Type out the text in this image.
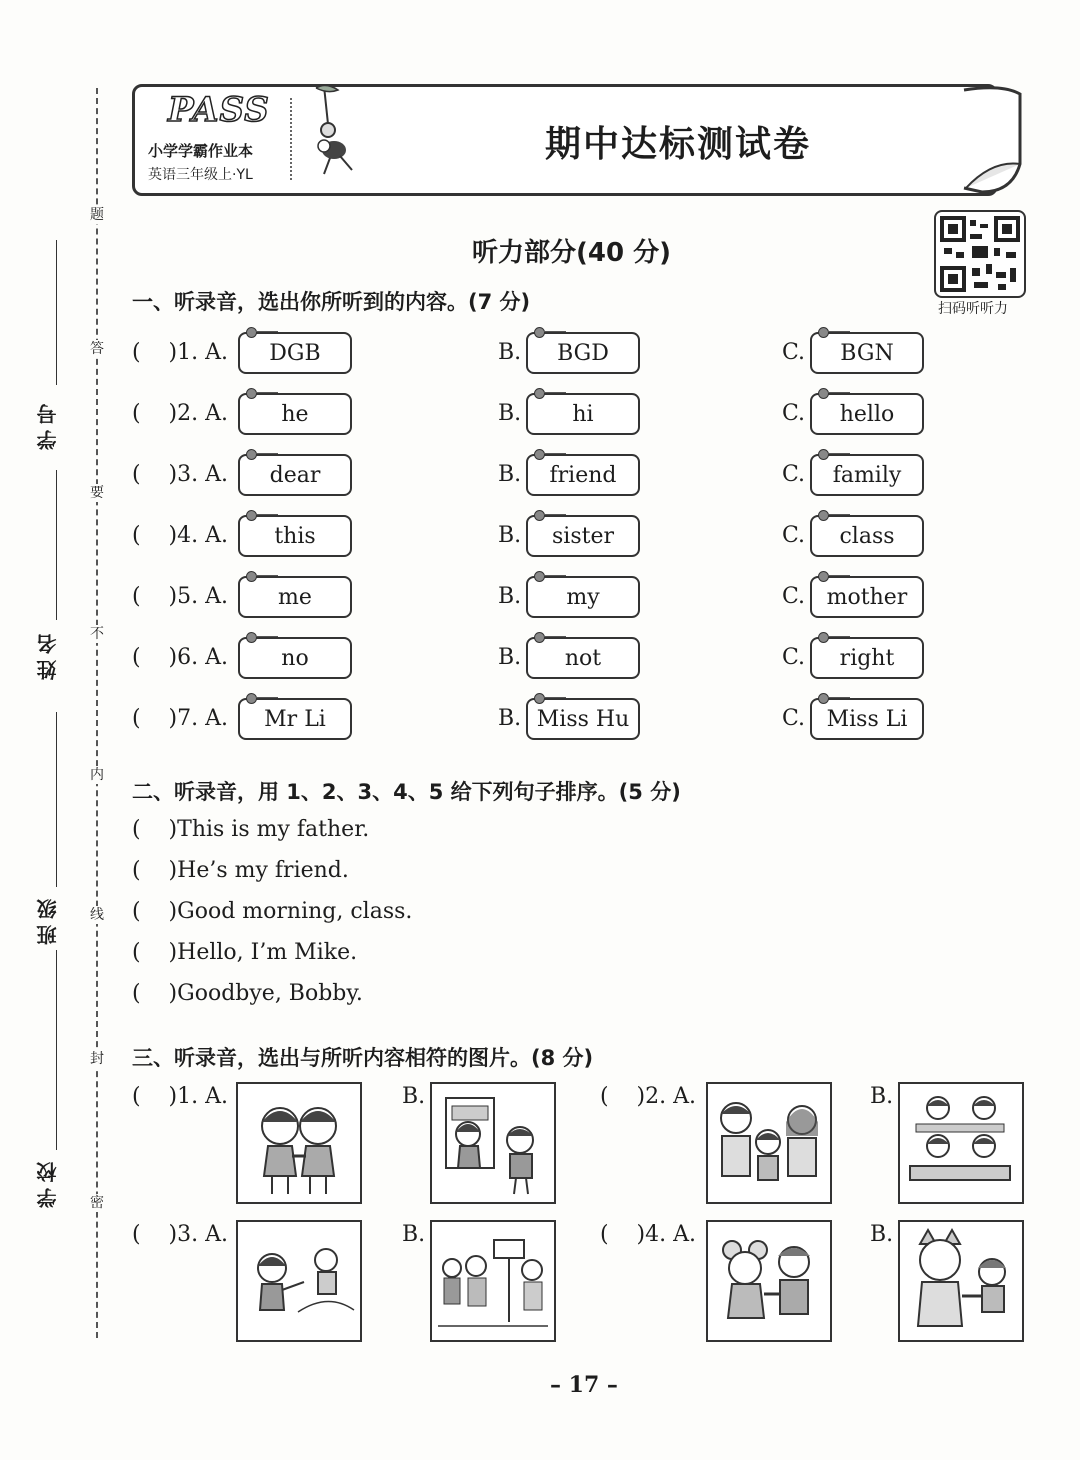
题
答
要
不
内
线
封
密
学号
姓名
班级
学校
PASS
小学学霸作业本
英语三年级上·YL
期中达标测试卷
扫码听听力
听力部分(40 分)
一、听录音，选出你所听到的内容。(7 分)
(    )1. A.	DGB	B.	BGD	C.	BGN
(    )2. A.	he	B.	hi	C.	hello
(    )3. A.	dear	B.	friend	C.	family
(    )4. A.	this	B.	sister	C.	class
(    )5. A.	me	B.	my	C. mother
(    )6. A.	no	B.	not	C.	right
(    )7. A.	Mr Li	B. Miss Hu	C. Miss Li
二、听录音，用 1、2、3、4、5 给下列句子排序。(5 分)
(    )This is my father.
(    )He’s my friend.
(    )Good morning, class.
(    )Hello, I’m Mike.
(    )Goodbye, Bobby.
三、听录音，选出与所听内容相符的图片。(8 分)
(    )1. A.	B.	(    )2. A.	B.
(    )3. A.	B.	(    )4. A.	B.
– 17 –
